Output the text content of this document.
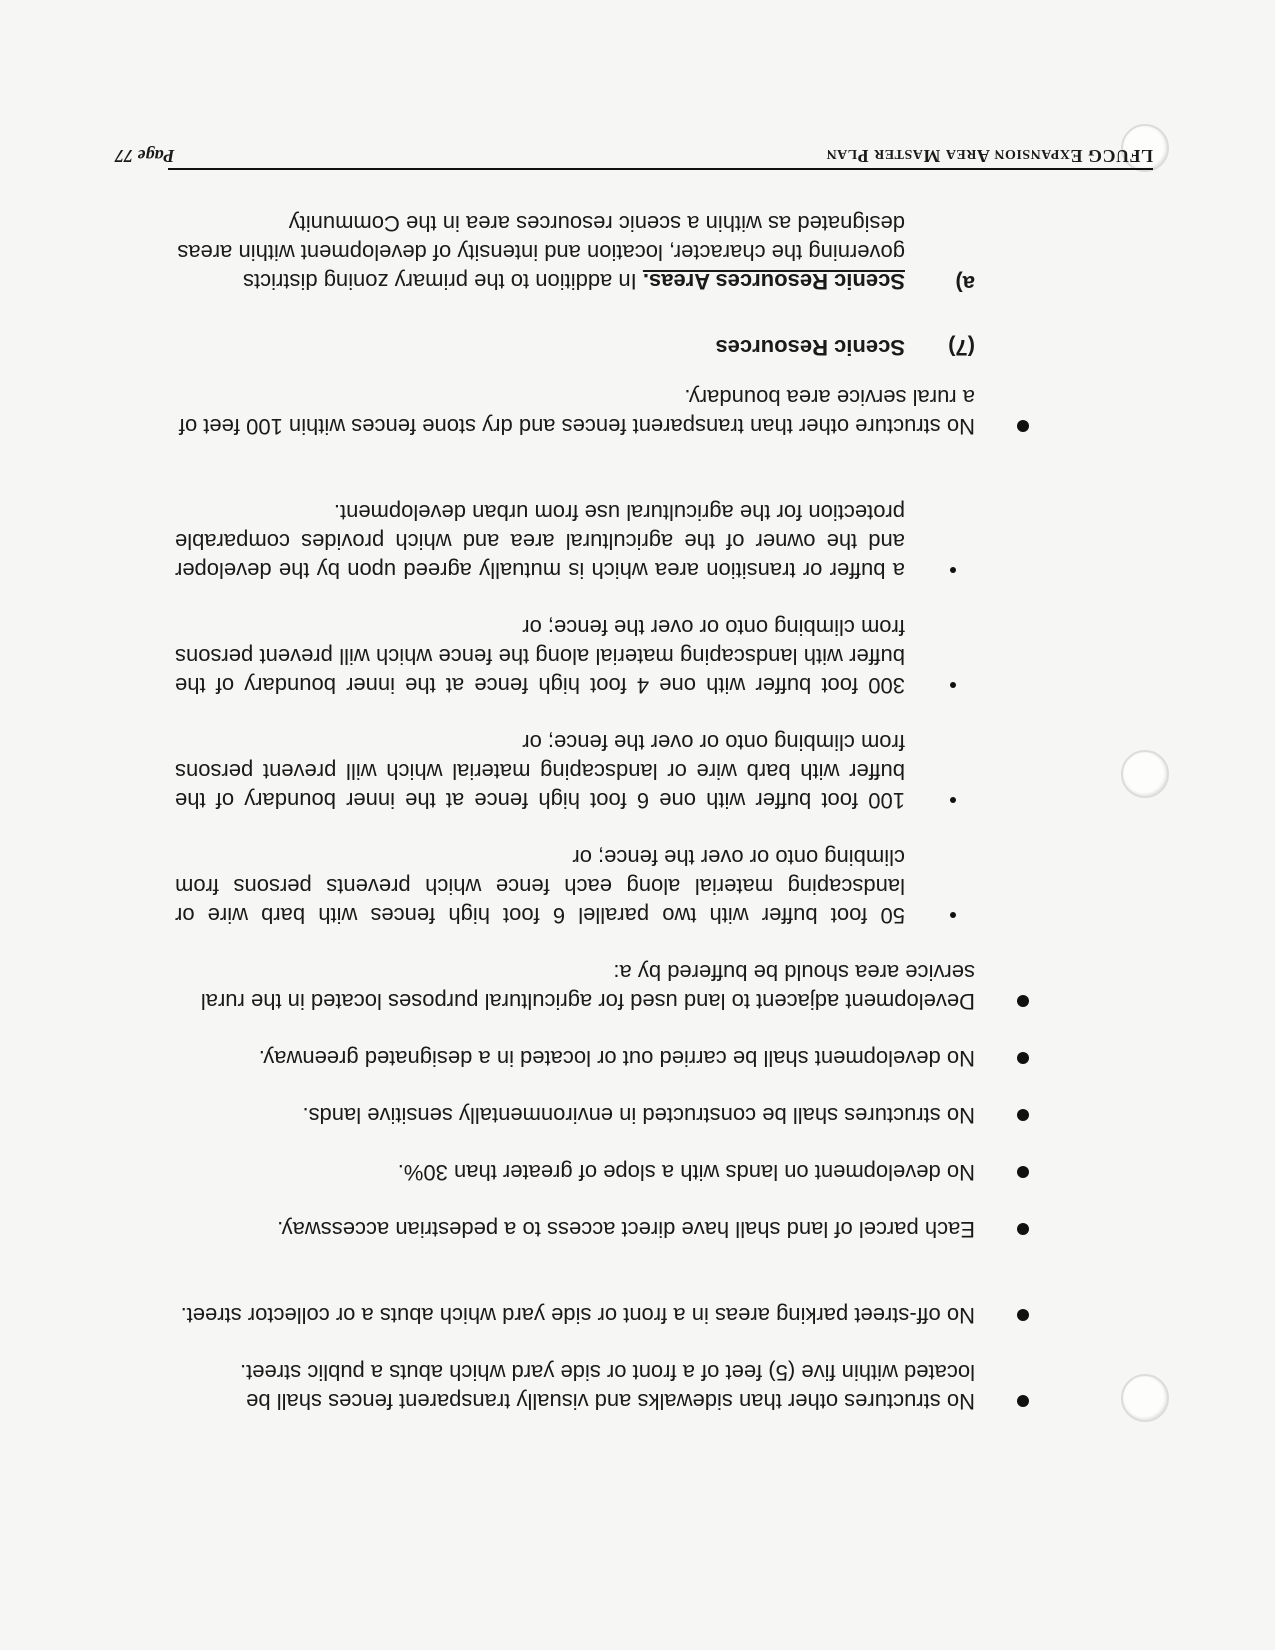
No structures other than sidewalks and visually transparent fences shall be located within five (5) feet of a front or side yard which abuts a public street.
No off-street parking areas in a front or side yard which abuts a or collector street.
Each parcel of land shall have direct access to a pedestrian accessway.
No development on lands with a slope of greater than 30%.
No structures shall be constructed in environmentally sensitive lands.
No development shall be carried out or located in a designated greenway.
Development adjacent to land used for agricultural purposes located in the rural service area should be buffered by a:
50 foot buffer with two parallel 6 foot high fences with barb wire or landscaping material along each fence which prevents persons from climbing onto or over the fence; or
100 foot buffer with one 6 foot high fence at the inner boundary of the buffer with barb wire or landscaping material which will prevent persons from climbing onto or over the fence; or
300 foot buffer with one 4 foot high fence at the inner boundary of the buffer with landscaping material along the fence which will prevent persons from climbing onto or over the fence; or
a buffer or transition area which is mutually agreed upon by the developer and the owner of the agricultural area and which provides comparable protection for the agricultural use from urban development.
No structure other than transparent fences and dry stone fences within 100 feet of a rural service area boundary.
(7)
Scenic Resources
a)
Scenic Resources Areas. In addition to the primary zoning districts governing the character, location and intensity of development within areas designated as within a scenic resources area in the Community
LFUCG EXPANSION AREA MASTER PLAN
Page 77
